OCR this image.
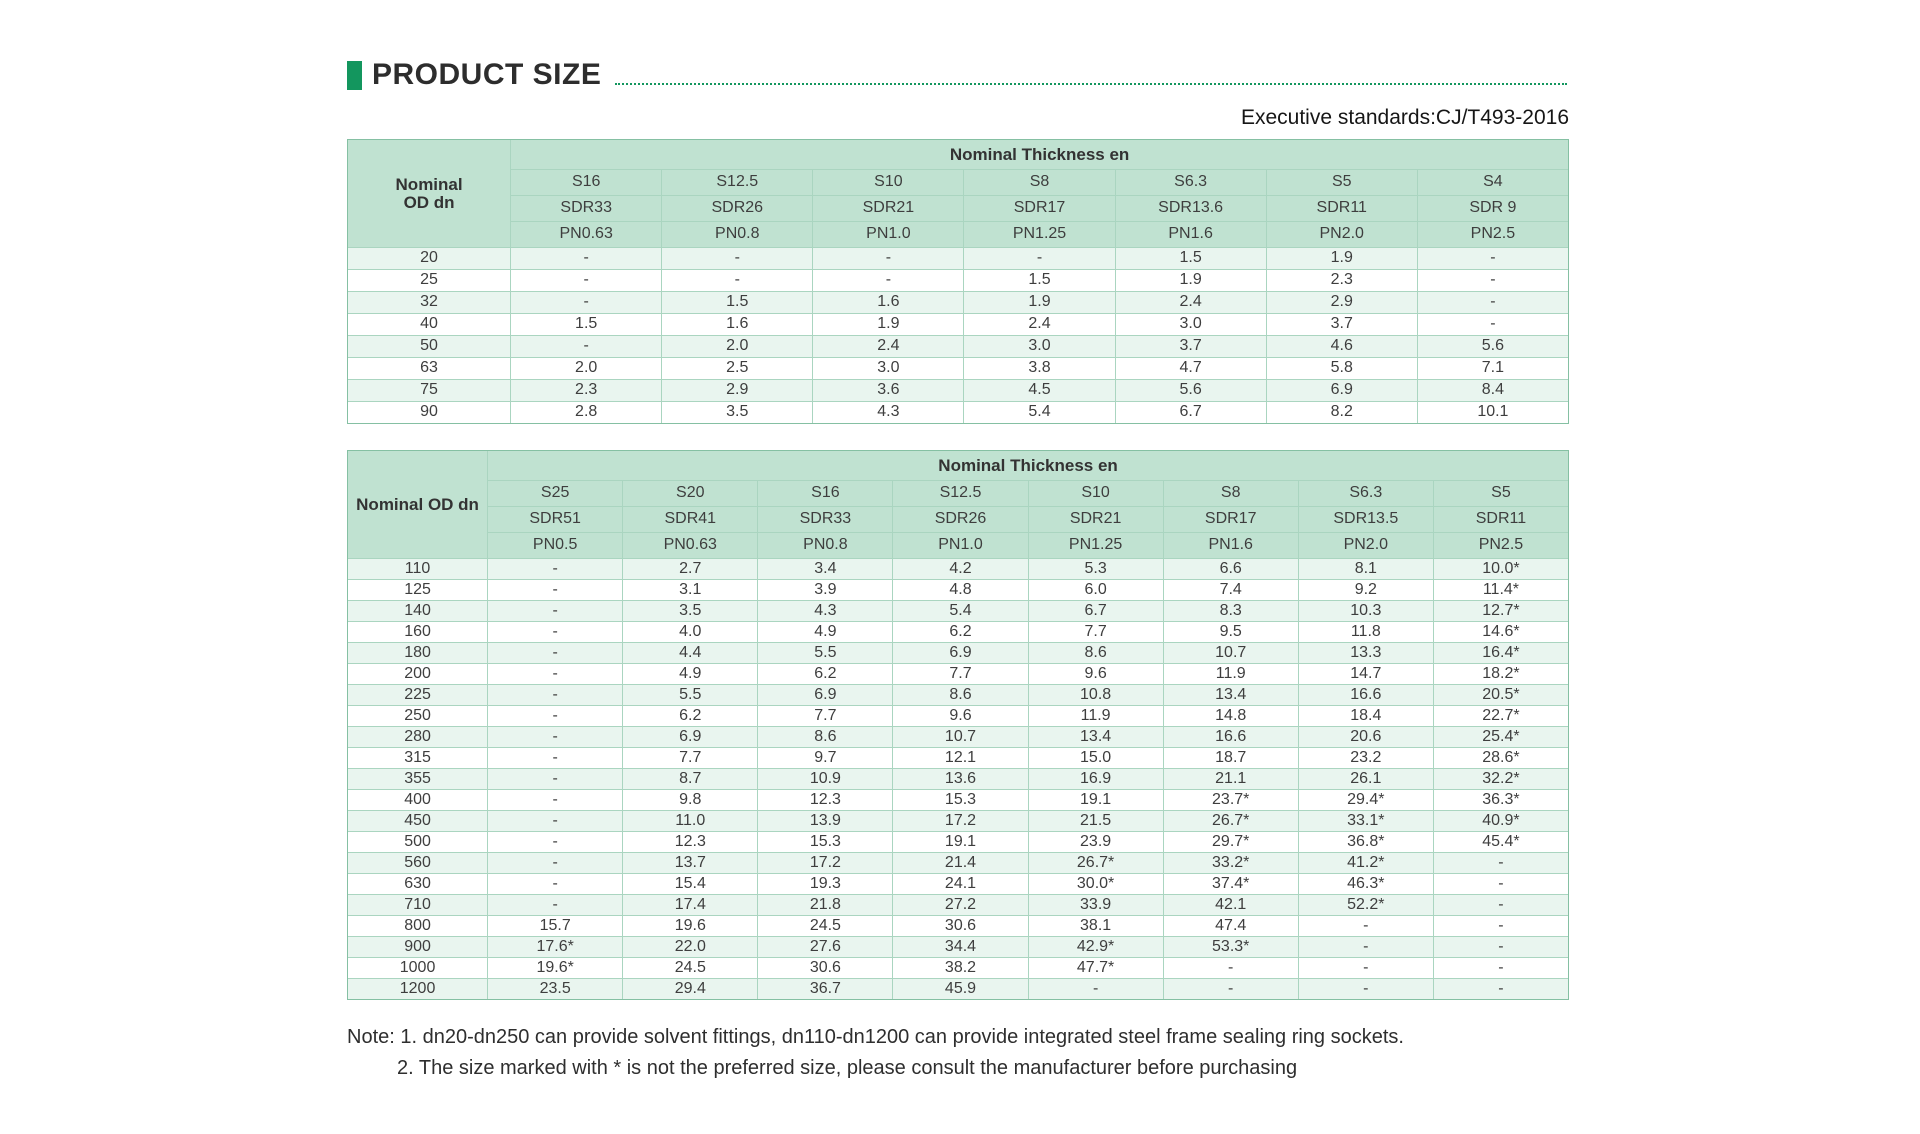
PRODUCT SIZE
Executive standards:CJ/T493-2016
Nominal
OD dn	Nominal Thickness en						
	S16	S12.5	S10	S8	S6.3	S5	S4
	SDR33	SDR26	SDR21	SDR17	SDR13.6	SDR11	SDR 9
	PN0.63	PN0.8	PN1.0	PN1.25	PN1.6	PN2.0	PN2.5
20	-	-	-	-	1.5	1.9	-
25	-	-	-	1.5	1.9	2.3	-
32	-	1.5	1.6	1.9	2.4	2.9	-
40	1.5	1.6	1.9	2.4	3.0	3.7	-
50	-	2.0	2.4	3.0	3.7	4.6	5.6
63	2.0	2.5	3.0	3.8	4.7	5.8	7.1
75	2.3	2.9	3.6	4.5	5.6	6.9	8.4
90	2.8	3.5	4.3	5.4	6.7	8.2	10.1
Nominal OD dn	Nominal Thickness en							
	S25	S20	S16	S12.5	S10	S8	S6.3	S5
	SDR51	SDR41	SDR33	SDR26	SDR21	SDR17	SDR13.5	SDR11
	PN0.5	PN0.63	PN0.8	PN1.0	PN1.25	PN1.6	PN2.0	PN2.5
110	-	2.7	3.4	4.2	5.3	6.6	8.1	10.0*
125	-	3.1	3.9	4.8	6.0	7.4	9.2	11.4*
140	-	3.5	4.3	5.4	6.7	8.3	10.3	12.7*
160	-	4.0	4.9	6.2	7.7	9.5	11.8	14.6*
180	-	4.4	5.5	6.9	8.6	10.7	13.3	16.4*
200	-	4.9	6.2	7.7	9.6	11.9	14.7	18.2*
225	-	5.5	6.9	8.6	10.8	13.4	16.6	20.5*
250	-	6.2	7.7	9.6	11.9	14.8	18.4	22.7*
280	-	6.9	8.6	10.7	13.4	16.6	20.6	25.4*
315	-	7.7	9.7	12.1	15.0	18.7	23.2	28.6*
355	-	8.7	10.9	13.6	16.9	21.1	26.1	32.2*
400	-	9.8	12.3	15.3	19.1	23.7*	29.4*	36.3*
450	-	11.0	13.9	17.2	21.5	26.7*	33.1*	40.9*
500	-	12.3	15.3	19.1	23.9	29.7*	36.8*	45.4*
560	-	13.7	17.2	21.4	26.7*	33.2*	41.2*	-
630	-	15.4	19.3	24.1	30.0*	37.4*	46.3*	-
710	-	17.4	21.8	27.2	33.9	42.1	52.2*	-
800	15.7	19.6	24.5	30.6	38.1	47.4	-	-
900	17.6*	22.0	27.6	34.4	42.9*	53.3*	-	-
1000	19.6*	24.5	30.6	38.2	47.7*	-	-	-
1200	23.5	29.4	36.7	45.9	-	-	-	-
Note: 1. dn20-dn250 can provide solvent fittings, dn110-dn1200 can provide integrated steel frame sealing ring sockets.
2. The size marked with * is not the preferred size, please consult the manufacturer before purchasing
